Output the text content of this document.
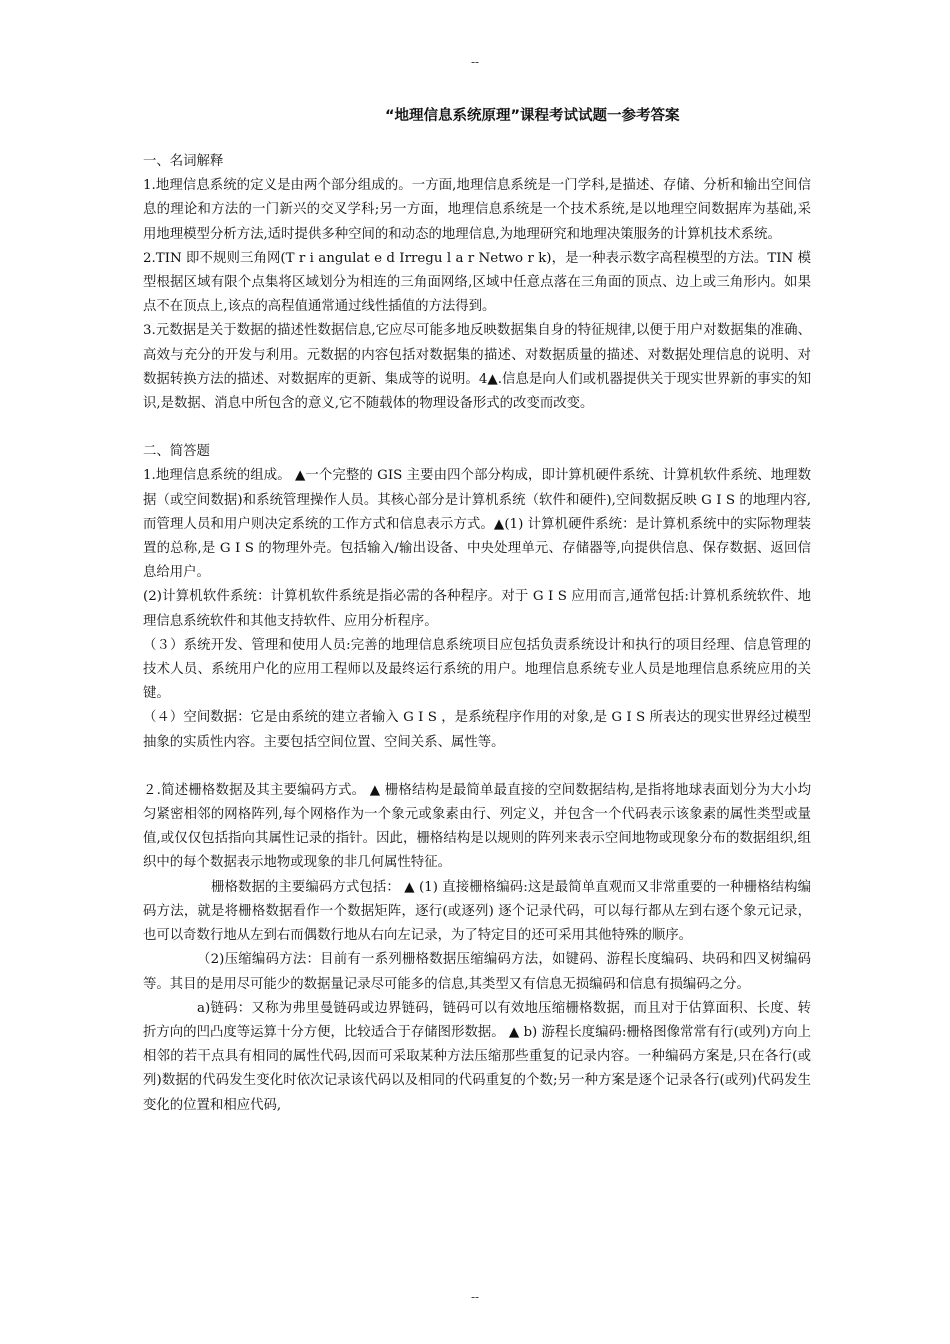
--
“地理信息系统原理”课程考试试题一参考答案

一、名词解释

1.地理信息系统的定义是由两个部分组成的。一方面,地理信息系统是一门学科,是描述、存储、分析和输出空间信息的理论和方法的一门新兴的交叉学科;另一方面，地理信息系统是一个技术系统,是以地理空间数据库为基础,采用地理模型分析方法,适时提供多种空间的和动态的地理信息,为地理研究和地理决策服务的计算机技术系统。

2.TIN 即不规则三角网(T r i angulat e d Irregu l a r Netwo r k)，是一种表示数字高程模型的方法。TIN 模型根据区域有限个点集将区域划分为相连的三角面网络,区域中任意点落在三角面的顶点、边上或三角形内。如果点不在顶点上,该点的高程值通常通过线性插值的方法得到。

3.元数据是关于数据的描述性数据信息,它应尽可能多地反映数据集自身的特征规律,以便于用户对数据集的准确、高效与充分的开发与利用。元数据的内容包括对数据集的描述、对数据质量的描述、对数据处理信息的说明、对数据转换方法的描述、对数据库的更新、集成等的说明。4▲.信息是向人们或机器提供关于现实世界新的事实的知识,是数据、消息中所包含的意义,它不随载体的物理设备形式的改变而改变。

二、简答题

1.地理信息系统的组成。 ▲一个完整的 GIS 主要由四个部分构成，即计算机硬件系统、计算机软件系统、地理数据（或空间数据)和系统管理操作人员。其核心部分是计算机系统（软件和硬件),空间数据反映 G I S 的地理内容,而管理人员和用户则决定系统的工作方式和信息表示方式。▲(1) 计算机硬件系统：是计算机系统中的实际物理装置的总称,是 G I S 的物理外壳。包括输入/输出设备、中央处理单元、存储器等,向提供信息、保存数据、返回信息给用户。

(2)计算机软件系统：计算机软件系统是指必需的各种程序。对于 G I S 应用而言,通常包括:计算机系统软件、地理信息系统软件和其他支持软件、应用分析程序。

（３）系统开发、管理和使用人员:完善的地理信息系统项目应包括负责系统设计和执行的项目经理、信息管理的技术人员、系统用户化的应用工程师以及最终运行系统的用户。地理信息系统专业人员是地理信息系统应用的关键。

（４）空间数据：它是由系统的建立者输入 G I S ，是系统程序作用的对象,是 G I S 所表达的现实世界经过模型抽象的实质性内容。主要包括空间位置、空间关系、属性等。

２.简述栅格数据及其主要编码方式。 ▲ 栅格结构是最简单最直接的空间数据结构,是指将地球表面划分为大小均匀紧密相邻的网格阵列,每个网格作为一个象元或象素由行、列定义，并包含一个代码表示该象素的属性类型或量值,或仅仅包括指向其属性记录的指针。因此，栅格结构是以规则的阵列来表示空间地物或现象分布的数据组织,组织中的每个数据表示地物或现象的非几何属性特征。

栅格数据的主要编码方式包括： ▲ (1) 直接栅格编码:这是最简单直观而又非常重要的一种栅格结构编码方法，就是将栅格数据看作一个数据矩阵，逐行(或逐列) 逐个记录代码，可以每行都从左到右逐个象元记录，也可以奇数行地从左到右而偶数行地从右向左记录，为了特定目的还可采用其他特殊的顺序。

（2)压缩编码方法：目前有一系列栅格数据压缩编码方法，如键码、游程长度编码、块码和四叉树编码等。其目的是用尽可能少的数据量记录尽可能多的信息,其类型又有信息无损编码和信息有损编码之分。

a)链码：又称为弗里曼链码或边界链码，链码可以有效地压缩栅格数据，而且对于估算面积、长度、转折方向的凹凸度等运算十分方便，比较适合于存储图形数据。 ▲ b) 游程长度编码:栅格图像常常有行(或列)方向上相邻的若干点具有相同的属性代码,因而可采取某种方法压缩那些重复的记录内容。一种编码方案是,只在各行(或列)数据的代码发生变化时依次记录该代码以及相同的代码重复的个数;另一种方案是逐个记录各行(或列)代码发生变化的位置和相应代码,

--
